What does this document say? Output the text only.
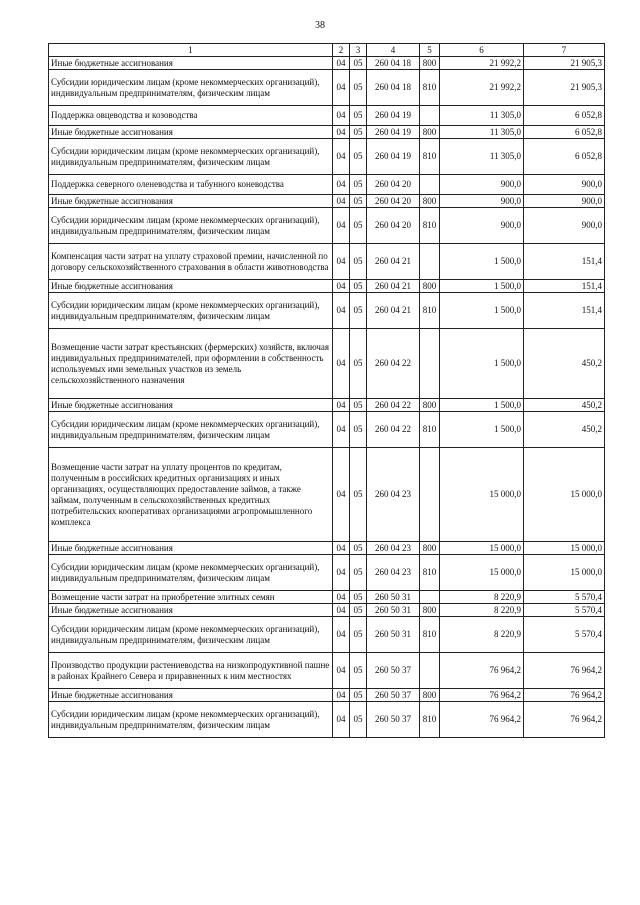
38
1	2	3	4	5	6	7
Иные бюджетные ассигнования	04	05	260 04 18	800	21 992,2	21 905,3
Субсидии юридическим лицам (кроме некоммерческих организаций), индивидуальным предпринимателям, физическим лицам	04	05	260 04 18	810	21 992,2	21 905,3
Поддержка овцеводства и козоводства	04	05	260 04 19		11 305,0	6 052,8
Иные бюджетные ассигнования	04	05	260 04 19	800	11 305,0	6 052,8
Субсидии юридическим лицам (кроме некоммерческих организаций), индивидуальным предпринимателям, физическим лицам	04	05	260 04 19	810	11 305,0	6 052,8
Поддержка северного оленеводства и табунного коневодства	04	05	260 04 20		900,0	900,0
Иные бюджетные ассигнования	04	05	260 04 20	800	900,0	900,0
Субсидии юридическим лицам (кроме некоммерческих организаций), индивидуальным предпринимателям, физическим лицам	04	05	260 04 20	810	900,0	900,0
Компенсация части затрат на уплату страховой премии, начисленной по договору сельскохозяйственного страхования в области животноводства	04	05	260 04 21		1 500,0	151,4
Иные бюджетные ассигнования	04	05	260 04 21	800	1 500,0	151,4
Субсидии юридическим лицам (кроме некоммерческих организаций), индивидуальным предпринимателям, физическим лицам	04	05	260 04 21	810	1 500,0	151,4
Возмещение части затрат крестьянских (фермерских) хозяйств, включая индивидуальных предпринимателей, при оформлении в собственность используемых ими земельных участков из земель сельскохозяйственного назначения	04	05	260 04 22		1 500,0	450,2
Иные бюджетные ассигнования	04	05	260 04 22	800	1 500,0	450,2
Субсидии юридическим лицам (кроме некоммерческих организаций), индивидуальным предпринимателям, физическим лицам	04	05	260 04 22	810	1 500,0	450,2
Возмещение части затрат на уплату процентов по кредитам, полученным в российских кредитных организациях и иных организациях, осуществляющих предоставление займов, а также займам, полученным в сельскохозяйственных кредитных потребительских кооперативах организациями агропромышленного комплекса	04	05	260 04 23		15 000,0	15 000,0
Иные бюджетные ассигнования	04	05	260 04 23	800	15 000,0	15 000,0
Субсидии юридическим лицам (кроме некоммерческих организаций), индивидуальным предпринимателям, физическим лицам	04	05	260 04 23	810	15 000,0	15 000,0
Возмещение части затрат на приобретение элитных семян	04	05	260 50 31		8 220,9	5 570,4
Иные бюджетные ассигнования	04	05	260 50 31	800	8 220,9	5 570,4
Субсидии юридическим лицам (кроме некоммерческих организаций), индивидуальным предпринимателям, физическим лицам	04	05	260 50 31	810	8 220,9	5 570,4
Производство продукции растениеводства на низкопродуктивной пашне в районах Крайнего Севера и приравненных к ним местностях	04	05	260 50 37		76 964,2	76 964,2
Иные бюджетные ассигнования	04	05	260 50 37	800	76 964,2	76 964,2
Субсидии юридическим лицам (кроме некоммерческих организаций), индивидуальным предпринимателям, физическим лицам	04	05	260 50 37	810	76 964,2	76 964,2
